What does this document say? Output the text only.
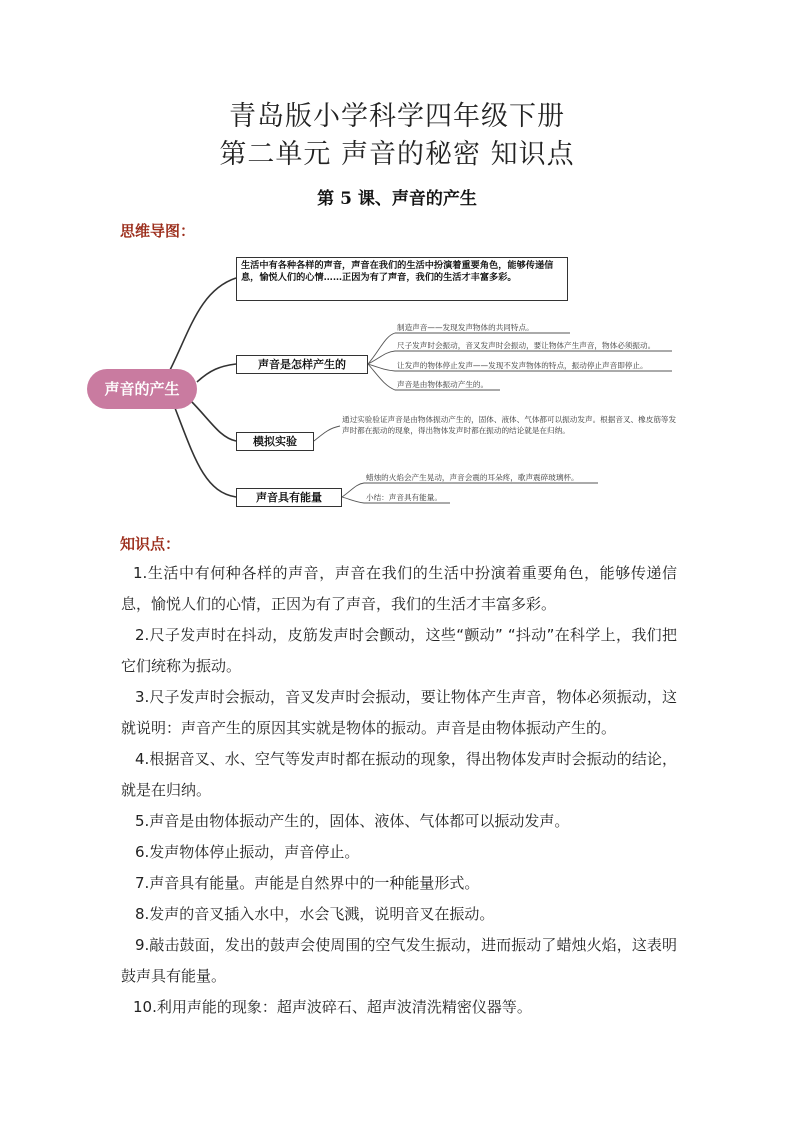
青岛版小学科学四年级下册
第二单元 声音的秘密 知识点
第 5 课、声音的产生
思维导图：
声音的产生
生活中有各种各样的声音，声音在我们的生活中扮演着重要角色，能够传递信息，愉悦人们的心情……正因为有了声音，我们的生活才丰富多彩。
声音是怎样产生的
模拟实验
声音具有能量
制造声音——发现发声物体的共同特点。
尺子发声时会振动，音叉发声时会振动，要让物体产生声音，物体必须振动。
让发声的物体停止发声——发现不发声物体的特点，振动停止声音即停止。
声音是由物体振动产生的。
通过实验验证声音是由物体振动产生的，固体、液体、气体都可以振动发声。根据音叉、橡皮筋等发声时都在振动的现象，得出物体发声时都在振动的结论就是在归纳。
蜡烛的火焰会产生晃动，声音会震的耳朵疼，歌声震碎玻璃杯。
小结：声音具有能量。
知识点：
1.生活中有何种各样的声音，声音在我们的生活中扮演着重要角色，能够传递信息，愉悦人们的心情，正因为有了声音，我们的生活才丰富多彩。
2.尺子发声时在抖动，皮筋发声时会颤动，这些“颤动” “抖动”在科学上，我们把它们统称为振动。
3.尺子发声时会振动，音叉发声时会振动，要让物体产生声音，物体必须振动，这就说明：声音产生的原因其实就是物体的振动。声音是由物体振动产生的。
4.根据音叉、水、空气等发声时都在振动的现象，得出物体发声时会振动的结论，就是在归纳。
5.声音是由物体振动产生的，固体、液体、气体都可以振动发声。
6.发声物体停止振动，声音停止。
7.声音具有能量。声能是自然界中的一种能量形式。
8.发声的音叉插入水中，水会飞溅，说明音叉在振动。
9.敲击鼓面，发出的鼓声会使周围的空气发生振动，进而振动了蜡烛火焰，这表明鼓声具有能量。
10.利用声能的现象：超声波碎石、超声波清洗精密仪器等。
